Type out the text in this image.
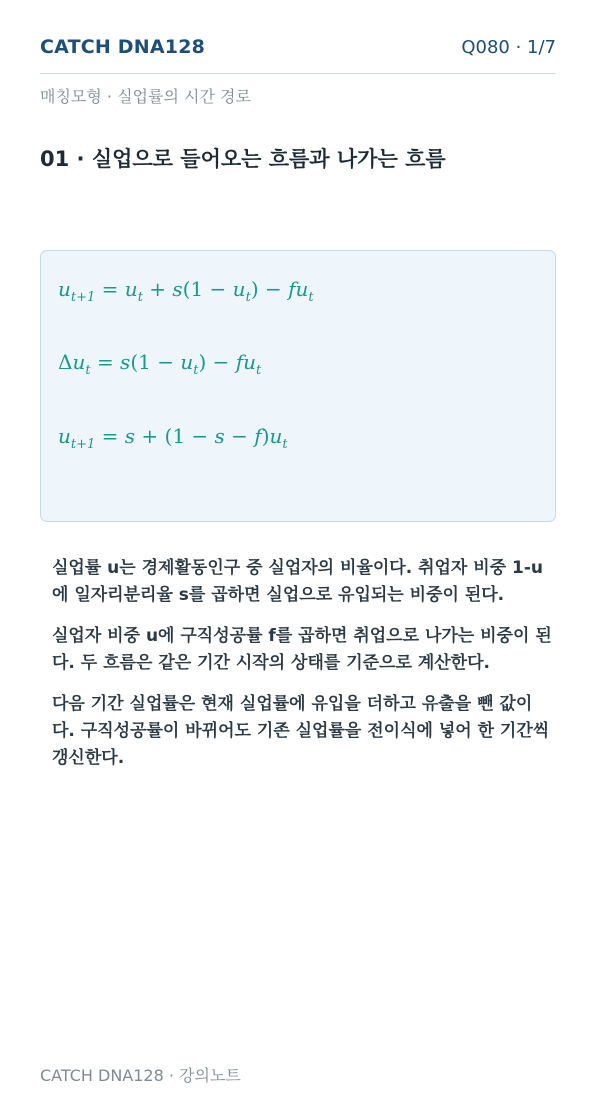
CATCH DNA128	Q080 · 1/7
매칭모형 · 실업률의 시간 경로
01 · 실업으로 들어오는 흐름과 나가는 흐름
$u_{t+1} = u_t + s(1 - u_t) - fu_t$
$\Delta u_t = s(1 - u_t) - fu_t$
$u_{t+1} = s + (1 - s - f)u_t$

실업률 u는 경제활동인구 중 실업자의 비율이다. 취업자 비중 1-u에 일자리분리율 s를 곱하면 실업으로 유입되는 비중이 된다.

실업자 비중 u에 구직성공률 f를 곱하면 취업으로 나가는 비중이 된다. 두 흐름은 같은 기간 시작의 상태를 기준으로 계산한다.

다음 기간 실업률은 현재 실업률에 유입을 더하고 유출을 뺀 값이다. 구직성공률이 바뀌어도 기존 실업률을 전이식에 넣어 한 기간씩 갱신한다.

CATCH DNA128 · 강의노트
